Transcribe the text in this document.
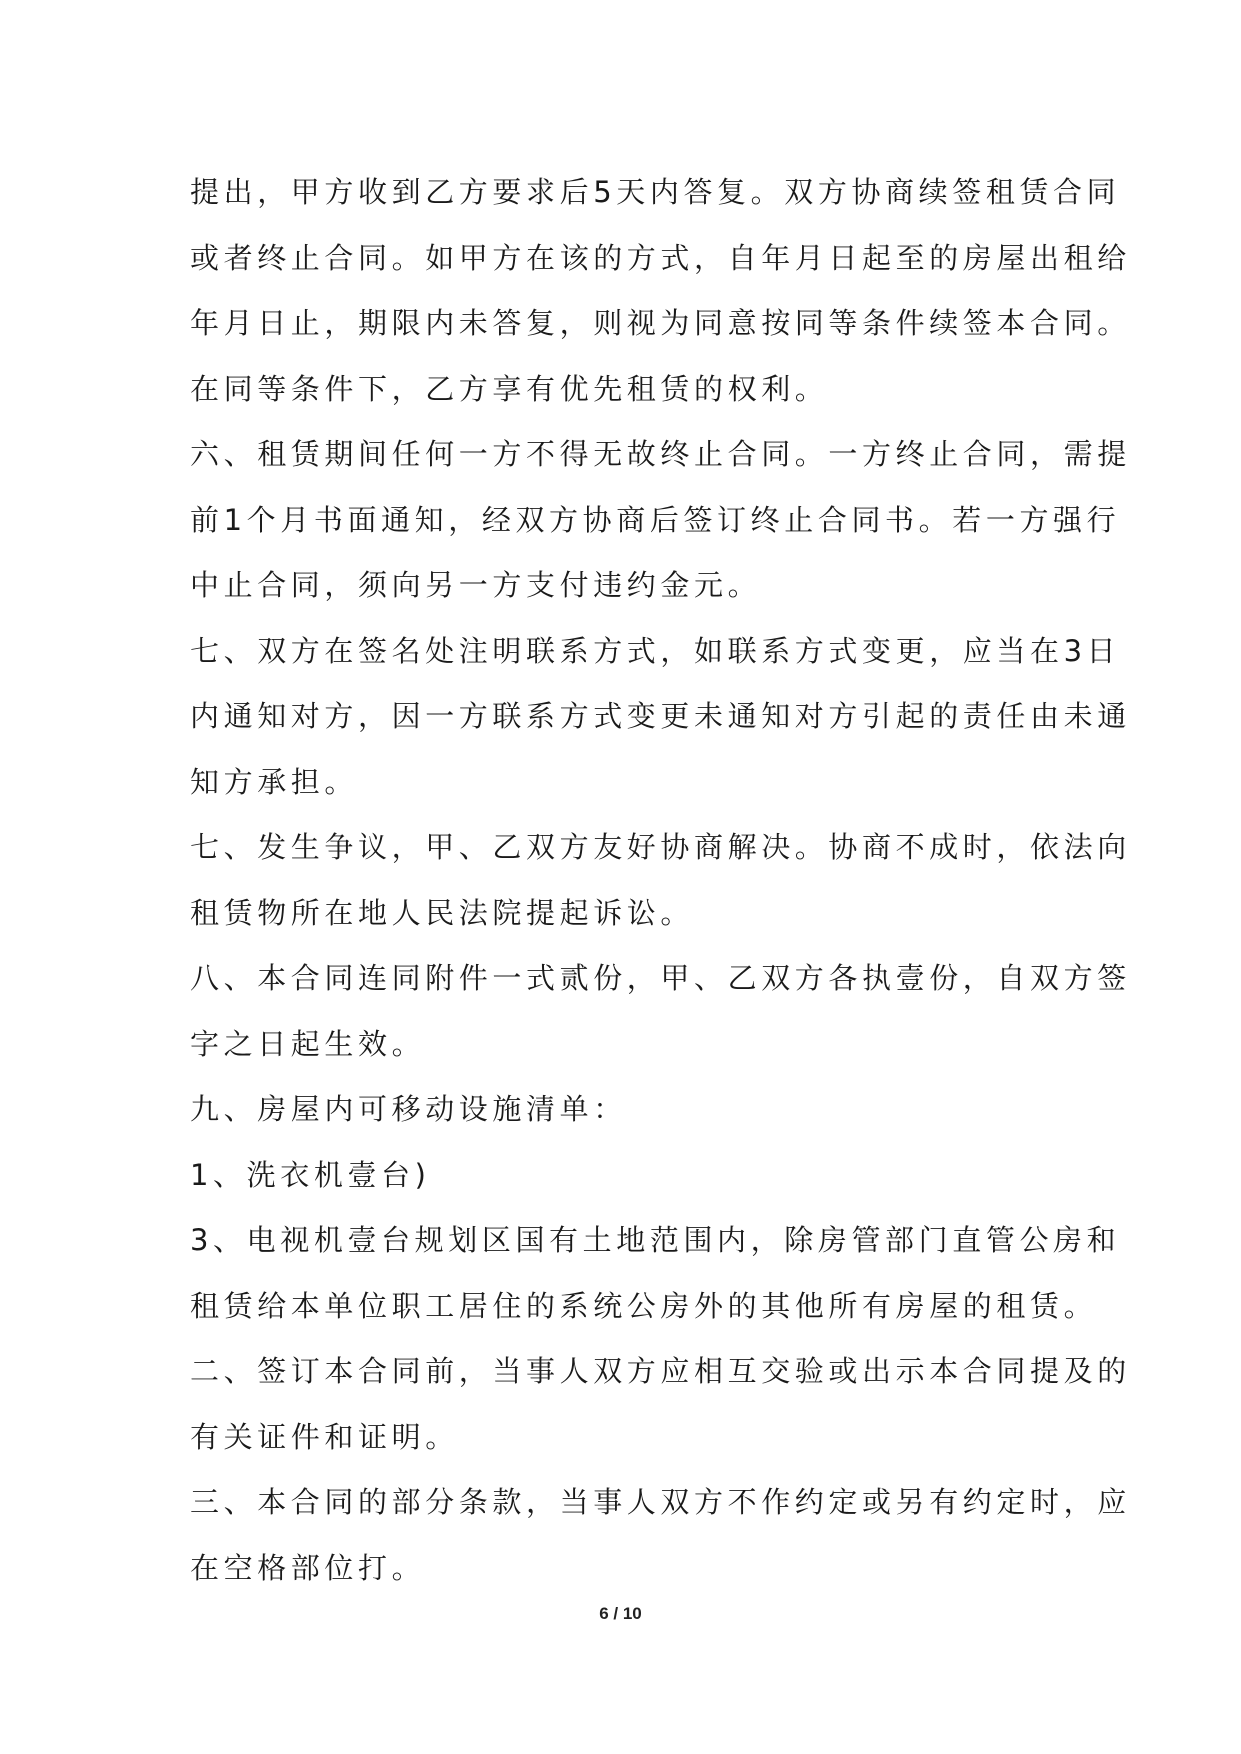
提出，甲方收到乙方要求后5天内答复。双方协商续签租赁合同
或者终止合同。如甲方在该的方式，自年月日起至的房屋出租给
年月日止，期限内未答复，则视为同意按同等条件续签本合同。
在同等条件下，乙方享有优先租赁的权利。
六、租赁期间任何一方不得无故终止合同。一方终止合同，需提
前1个月书面通知，经双方协商后签订终止合同书。若一方强行
中止合同，须向另一方支付违约金元。
七、双方在签名处注明联系方式，如联系方式变更，应当在3日
内通知对方，因一方联系方式变更未通知对方引起的责任由未通
知方承担。
七、发生争议，甲、乙双方友好协商解决。协商不成时，依法向
租赁物所在地人民法院提起诉讼。
八、本合同连同附件一式贰份，甲、乙双方各执壹份，自双方签
字之日起生效。
九、房屋内可移动设施清单：
1、洗衣机壹台)
3、电视机壹台规划区国有土地范围内，除房管部门直管公房和
租赁给本单位职工居住的系统公房外的其他所有房屋的租赁。
二、签订本合同前，当事人双方应相互交验或出示本合同提及的
有关证件和证明。
三、本合同的部分条款，当事人双方不作约定或另有约定时，应
在空格部位打。
6 / 10
